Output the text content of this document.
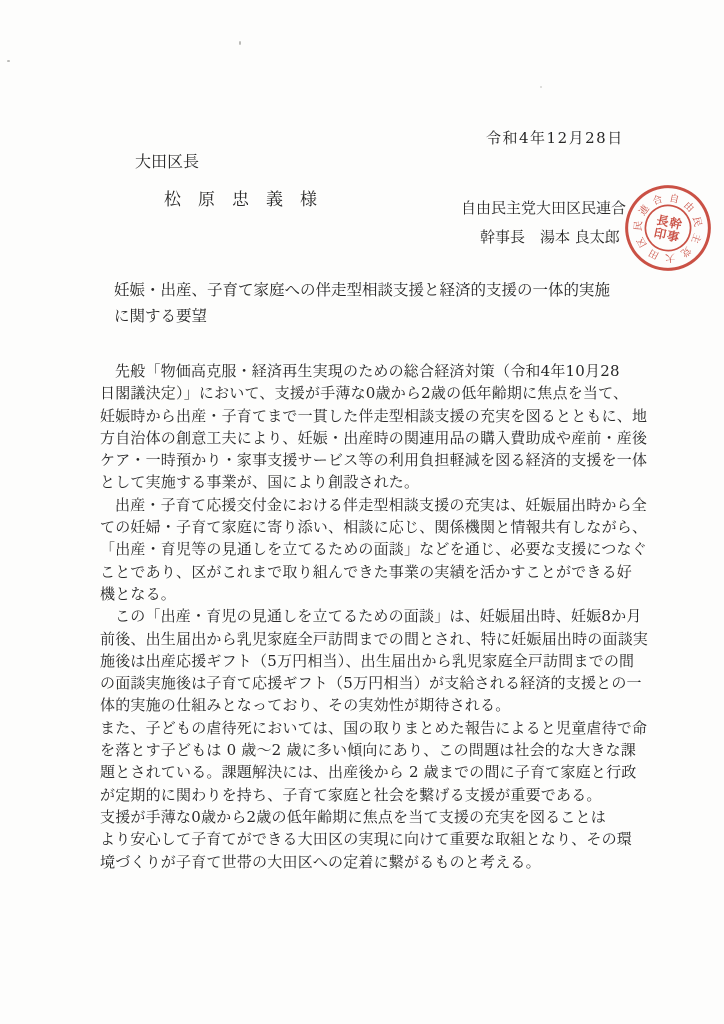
令和4年12月28日
大田区長
松原忠義様	自由民主党大田区民連合
幹事長　湯本 良太郎
自
由
民
主
党
大
田
区
民
連
合
幹
事
長
印
妊娠・出産、子育て家庭への伴走型相談支援と経済的支援の一体的実施
に関する要望
先般「物価高克服・経済再生実現のための総合経済対策（令和4年10月28
日閣議決定）」において、支援が手薄な0歳から2歳の低年齢期に焦点を当て、
妊娠時から出産・子育てまで一貫した伴走型相談支援の充実を図るとともに、地
方自治体の創意工夫により、妊娠・出産時の関連用品の購入費助成や産前・産後
ケア・一時預かり・家事支援サービス等の利用負担軽減を図る経済的支援を一体
として実施する事業が、国により創設された。
出産・子育て応援交付金における伴走型相談支援の充実は、妊娠届出時から全
ての妊婦・子育て家庭に寄り添い、相談に応じ、関係機関と情報共有しながら、
「出産・育児等の見通しを立てるための面談」などを通じ、必要な支援につなぐ
ことであり、区がこれまで取り組んできた事業の実績を活かすことができる好
機となる。
この「出産・育児の見通しを立てるための面談」は、妊娠届出時、妊娠8か月
前後、出生届出から乳児家庭全戸訪問までの間とされ、特に妊娠届出時の面談実
施後は出産応援ギフト（5万円相当）、出生届出から乳児家庭全戸訪問までの間
の面談実施後は子育て応援ギフト（5万円相当）が支給される経済的支援との一
体的実施の仕組みとなっており、その実効性が期待される。
また、子どもの虐待死においては、国の取りまとめた報告によると児童虐待で命
を落とす子どもは 0 歳〜2 歳に多い傾向にあり、この問題は社会的な大きな課
題とされている。課題解決には、出産後から 2 歳までの間に子育て家庭と行政
が定期的に関わりを持ち、子育て家庭と社会を繋げる支援が重要である。
支援が手薄な0歳から2歳の低年齢期に焦点を当て支援の充実を図ることは
より安心して子育てができる大田区の実現に向けて重要な取組となり、その環
境づくりが子育て世帯の大田区への定着に繋がるものと考える。
